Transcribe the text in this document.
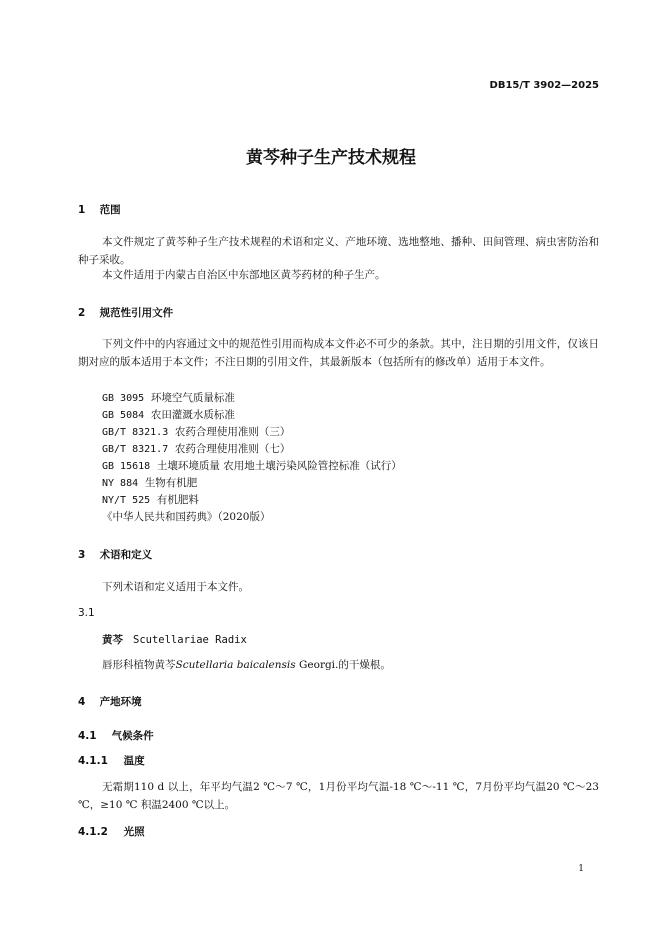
DB15/T 3902—2025
黄芩种子生产技术规程
1 范围
本文件规定了黄芩种子生产技术规程的术语和定义、产地环境、选地整地、播种、田间管理、病虫害防治和种子采收。
本文件适用于内蒙古自治区中东部地区黄芩药材的种子生产。
2 规范性引用文件
下列文件中的内容通过文中的规范性引用而构成本文件必不可少的条款。其中，注日期的引用文件，仅该日期对应的版本适用于本文件；不注日期的引用文件，其最新版本（包括所有的修改单）适用于本文件。
GB 3095 环境空气质量标准
GB 5084 农田灌溉水质标准
GB/T 8321.3 农药合理使用准则（三）
GB/T 8321.7 农药合理使用准则（七）
GB 15618 土壤环境质量 农用地土壤污染风险管控标准（试行）
NY 884 生物有机肥
NY/T 525 有机肥料
《中华人民共和国药典》（2020版）
3 术语和定义
下列术语和定义适用于本文件。
3.1
黄芩 Scutellariae Radix
唇形科植物黄芩Scutellaria baicalensis Georgi.的干燥根。
4 产地环境
4.1 气候条件
4.1.1 温度
无霜期110 d 以上，年平均气温2 ℃～7 ℃，1月份平均气温-18 ℃～-11 ℃，7月份平均气温20 ℃～23 ℃，≥10 ℃ 积温2400 ℃以上。
4.1.2 光照
1
